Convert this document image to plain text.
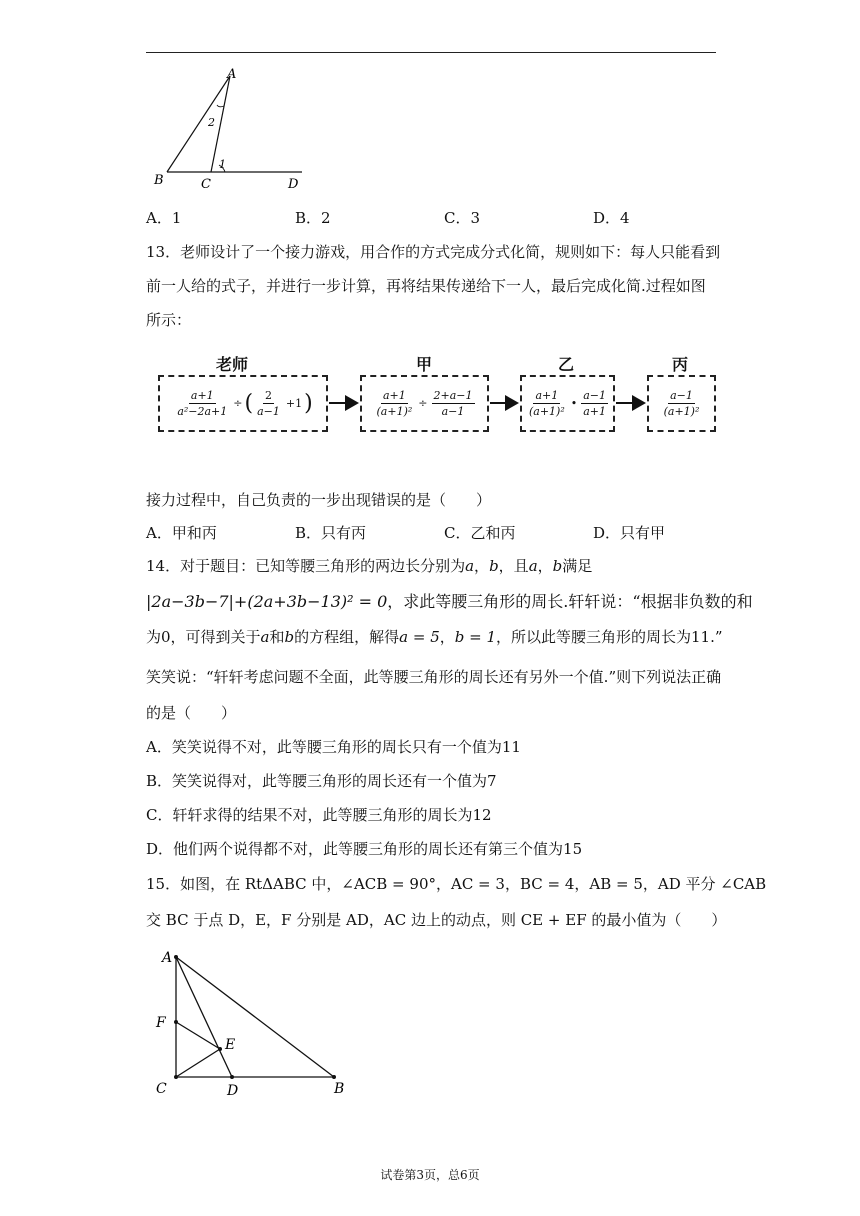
A
B	C	D
2
1
A．1	B．2	C．3	D．4
13．老师设计了一个接力游戏，用合作的方式完成分式化简，规则如下：每人只能看到
前一人给的式子，并进行一步计算，再将结果传递给下一人，最后完成化简.过程如图
所示：
老师	甲	乙	丙
$\frac{a+1}{\text{a²−2a+1}}$ ÷ ( $\frac{2}{a-1} +1$ )	$\frac{a+1}{\text{(a+1)²}} \div \frac{2+a-1}{a-1}$	$\frac{a+1}{\text{(a+1)²}}$ • $\frac{a-1}{a+1}$	$\frac{a-1}{\text{(a+1)²}}$
接力过程中，自己负责的一步出现错误的是（　　）
A．甲和丙	B．只有丙	C．乙和丙	D．只有甲
14．对于题目：已知等腰三角形的两边长分别为a，b，且a，b满足
|2a−3b−7|+(2a+3b−13)² = 0，求此等腰三角形的周长.轩轩说：“根据非负数的和
为0，可得到关于a和b的方程组，解得a = 5，b = 1，所以此等腰三角形的周长为11.”
笑笑说：“轩轩考虑问题不全面，此等腰三角形的周长还有另外一个值.”则下列说法正确
的是（　　）
A．笑笑说得不对，此等腰三角形的周长只有一个值为11
B．笑笑说得对，此等腰三角形的周长还有一个值为7
C．轩轩求得的结果不对，此等腰三角形的周长为12
D．他们两个说得都不对，此等腰三角形的周长还有第三个值为15
15．如图，在 RtΔABC 中，∠ACB = 90°，AC = 3，BC = 4，AB = 5，AD 平分 ∠CAB
交 BC 于点 D，E，F 分别是 AD，AC 边上的动点，则 CE + EF 的最小值为（　　）
A
F
E
C	D	B
试卷第3页，总6页
